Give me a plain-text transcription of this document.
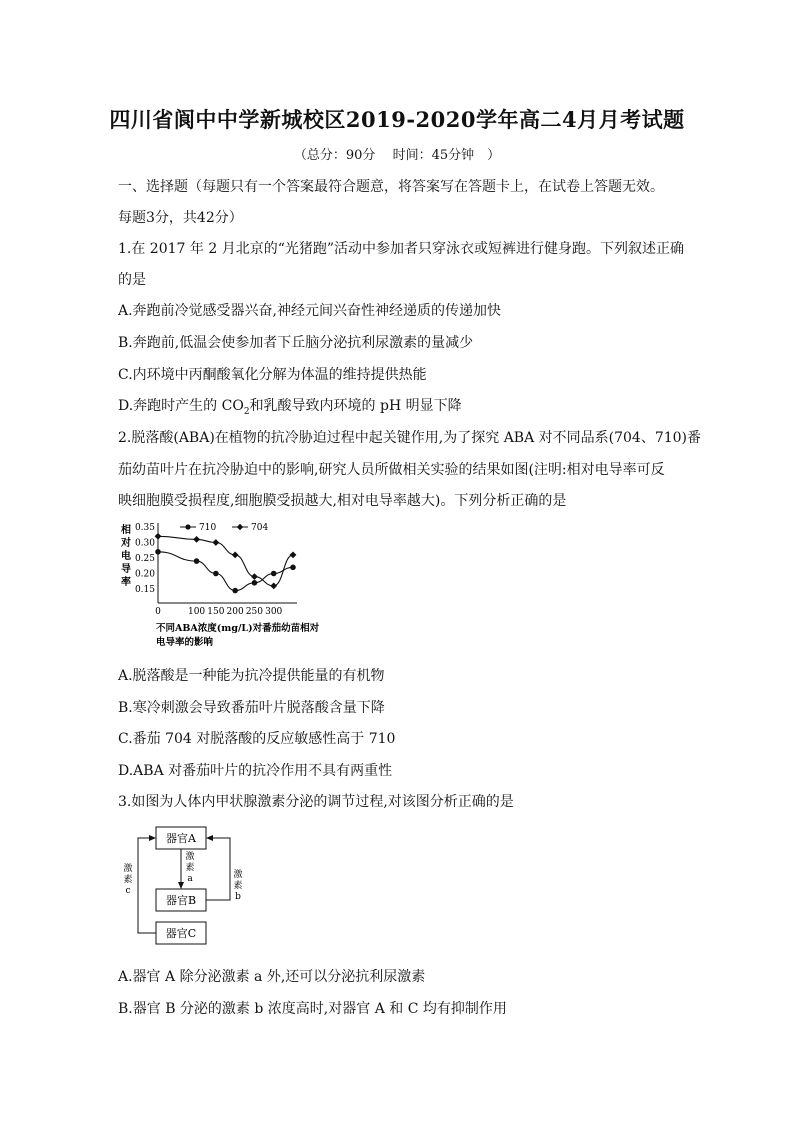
四川省阆中中学新城校区2019-2020学年高二4月月考试题
（总分：90分　 时间：45分钟　）
一、选择题（每题只有一个答案最符合题意，将答案写在答题卡上，在试卷上答题无效。
每题3分，共42分）
1.在 2017 年 2 月北京的“光猪跑”活动中参加者只穿泳衣或短裤进行健身跑。下列叙述正确
的是
A.奔跑前冷觉感受器兴奋,神经元间兴奋性神经递质的传递加快
B.奔跑前,低温会使参加者下丘脑分泌抗利尿激素的量减少
C.内环境中丙酮酸氧化分解为体温的维持提供热能
D.奔跑时产生的 $CO_2$和乳酸导致内环境的 pH 明显下降
2.脱落酸(ABA)在植物的抗冷胁迫过程中起关键作用,为了探究 ABA 对不同品系(704、710)番
茄幼苗叶片在抗冷胁迫中的影响,研究人员所做相关实验的结果如图(注明:相对电导率可反
映细胞膜受损程度,细胞膜受损越大,相对电导率越大)。下列分析正确的是
相
对
电
导
率
0.35
0.30
0.25
0.20
0.15
0	100 150 200 250 300
710	704
不同ABA浓度(mg/L)对番茄幼苗相对
电导率的影响
A.脱落酸是一种能为抗冷提供能量的有机物
B.寒冷刺激会导致番茄叶片脱落酸含量下降
C.番茄 704 对脱落酸的反应敏感性高于 710
D.ABA 对番茄叶片的抗冷作用不具有两重性
3.如图为人体内甲状腺激素分泌的调节过程,对该图分析正确的是
器官A
器官B
器官C
激
素
a	激
素
b
激
素
c
A.器官 A 除分泌激素 a 外,还可以分泌抗利尿激素
B.器官 B 分泌的激素 b 浓度高时,对器官 A 和 C 均有抑制作用
